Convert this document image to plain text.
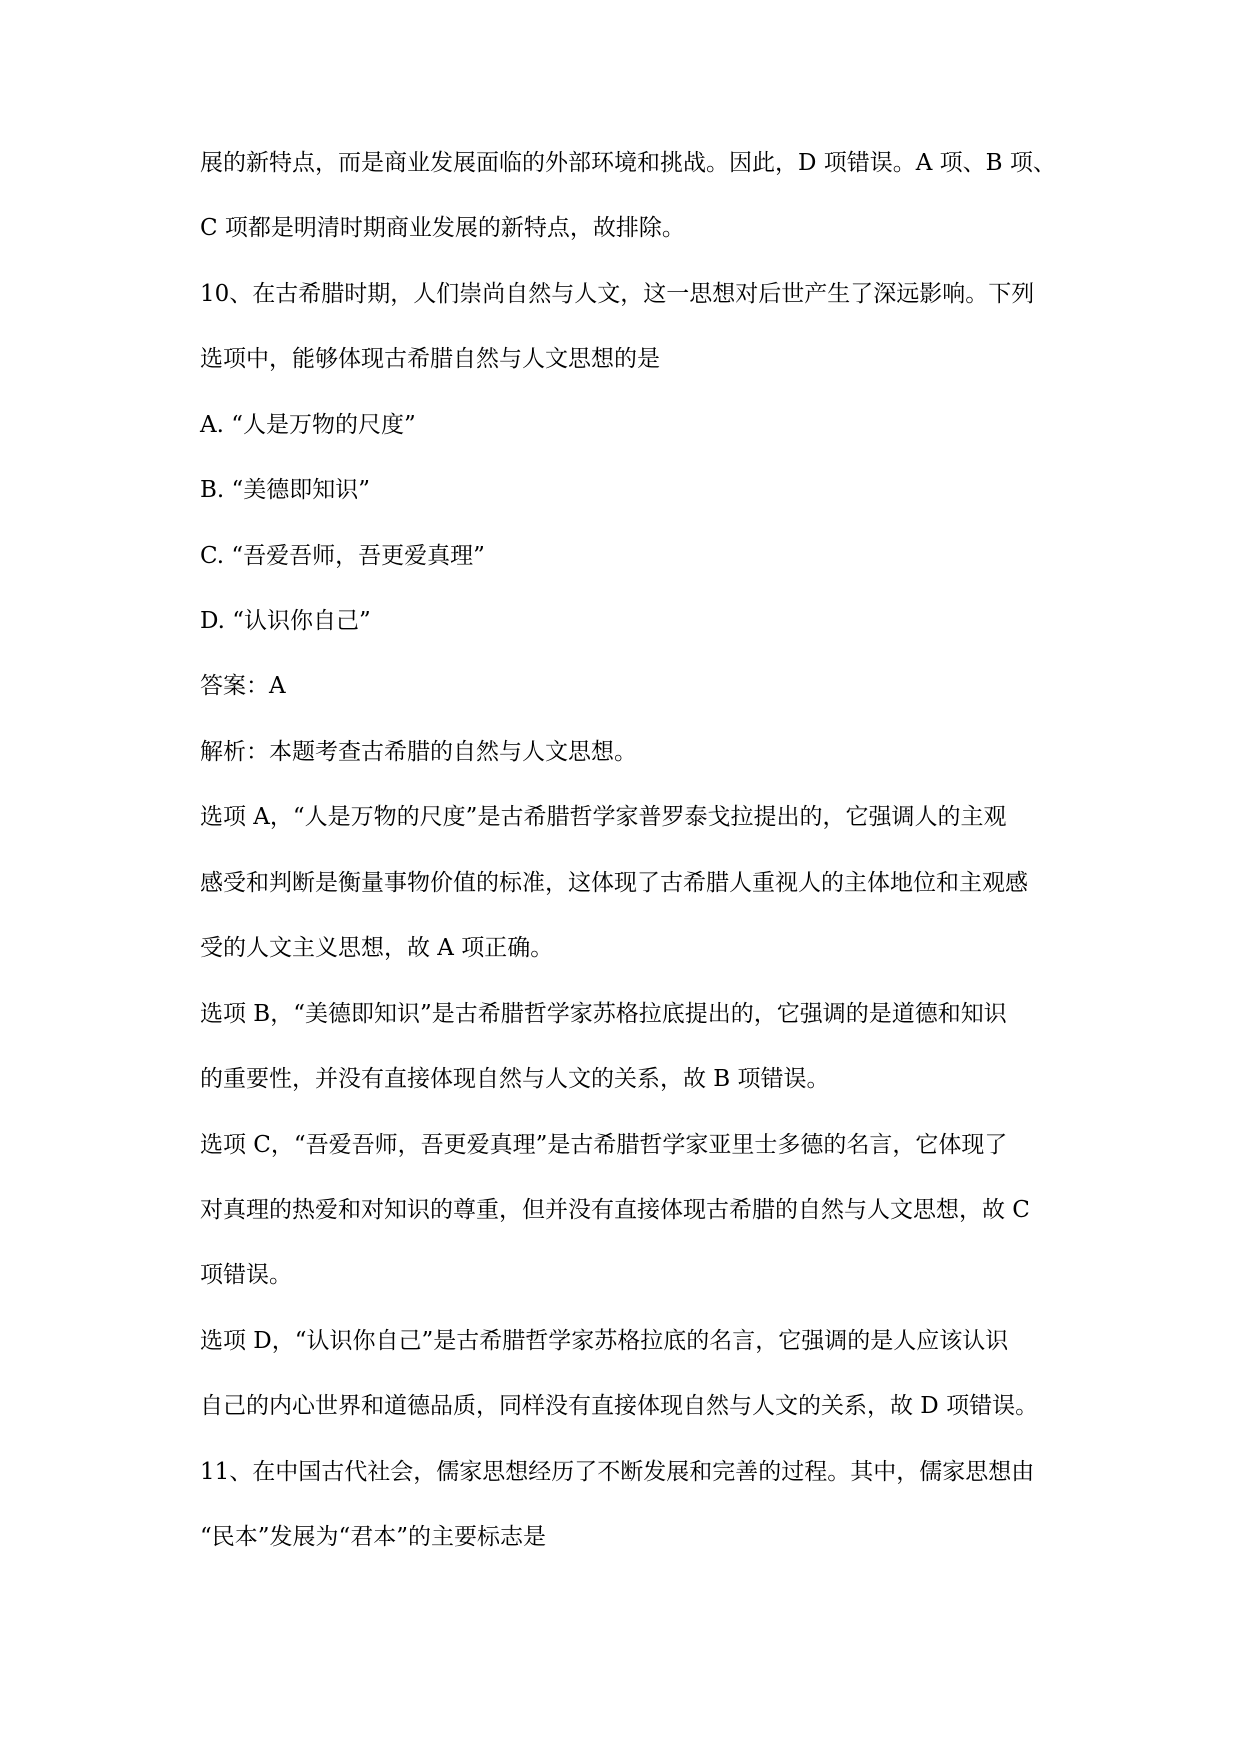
展的新特点，而是商业发展面临的外部环境和挑战。因此，D 项错误。A 项、B 项、

C 项都是明清时期商业发展的新特点，故排除。

10、在古希腊时期，人们崇尚自然与人文，这一思想对后世产生了深远影响。下列

选项中，能够体现古希腊自然与人文思想的是

A. “人是万物的尺度”

B. “美德即知识”

C. “吾爱吾师，吾更爱真理”

D. “认识你自己”

答案：A

解析：本题考查古希腊的自然与人文思想。

选项 A，“人是万物的尺度”是古希腊哲学家普罗泰戈拉提出的，它强调人的主观

感受和判断是衡量事物价值的标准，这体现了古希腊人重视人的主体地位和主观感

受的人文主义思想，故 A 项正确。

选项 B，“美德即知识”是古希腊哲学家苏格拉底提出的，它强调的是道德和知识

的重要性，并没有直接体现自然与人文的关系，故 B 项错误。

选项 C，“吾爱吾师，吾更爱真理”是古希腊哲学家亚里士多德的名言，它体现了

对真理的热爱和对知识的尊重，但并没有直接体现古希腊的自然与人文思想，故 C

项错误。

选项 D，“认识你自己”是古希腊哲学家苏格拉底的名言，它强调的是人应该认识

自己的内心世界和道德品质，同样没有直接体现自然与人文的关系，故 D 项错误。

11、在中国古代社会，儒家思想经历了不断发展和完善的过程。其中，儒家思想由

“民本”发展为“君本”的主要标志是
